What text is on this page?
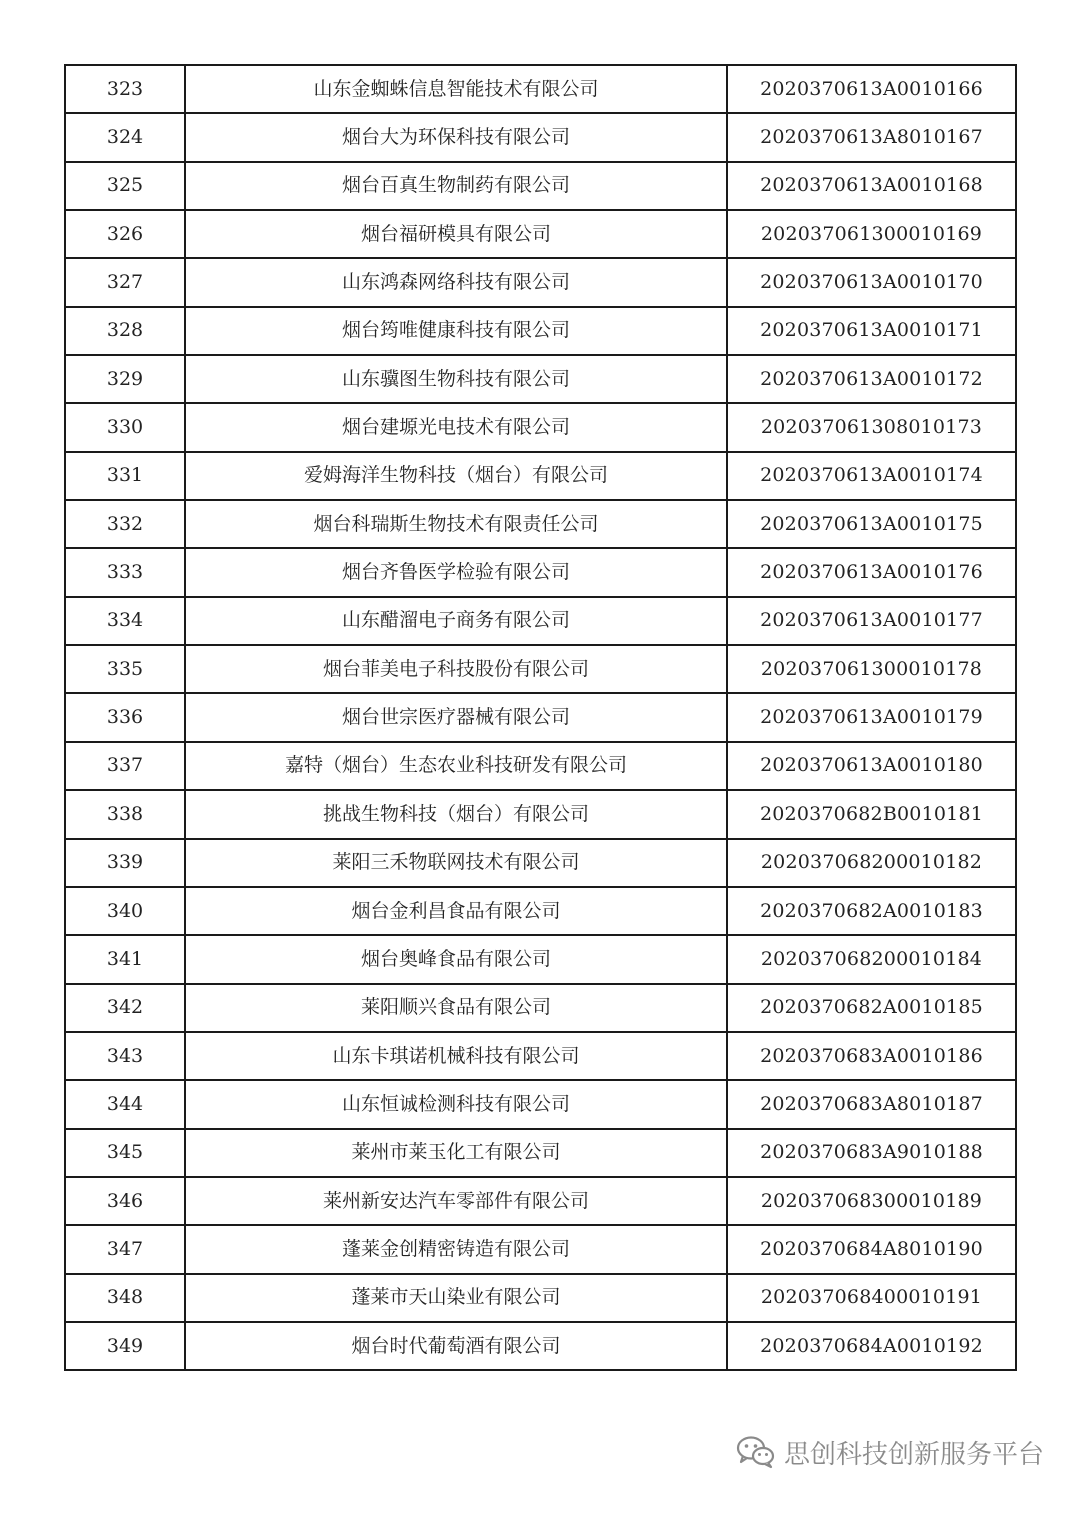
323	山东金蜘蛛信息智能技术有限公司	2020370613A0010166
324	烟台大为环保科技有限公司	2020370613A8010167
325	烟台百真生物制药有限公司	2020370613A0010168
326	烟台福研模具有限公司	202037061300010169
327	山东鸿森网络科技有限公司	2020370613A0010170
328	烟台筠唯健康科技有限公司	2020370613A0010171
329	山东骥图生物科技有限公司	2020370613A0010172
330	烟台建塬光电技术有限公司	202037061308010173
331	爱姆海洋生物科技（烟台）有限公司	2020370613A0010174
332	烟台科瑞斯生物技术有限责任公司	2020370613A0010175
333	烟台齐鲁医学检验有限公司	2020370613A0010176
334	山东醋溜电子商务有限公司	2020370613A0010177
335	烟台菲美电子科技股份有限公司	202037061300010178
336	烟台世宗医疗器械有限公司	2020370613A0010179
337	嘉特（烟台）生态农业科技研发有限公司	2020370613A0010180
338	挑战生物科技（烟台）有限公司	2020370682B0010181
339	莱阳三禾物联网技术有限公司	202037068200010182
340	烟台金利昌食品有限公司	2020370682A0010183
341	烟台奥峰食品有限公司	202037068200010184
342	莱阳顺兴食品有限公司	2020370682A0010185
343	山东卡琪诺机械科技有限公司	2020370683A0010186
344	山东恒诚检测科技有限公司	2020370683A8010187
345	莱州市莱玉化工有限公司	2020370683A9010188
346	莱州新安达汽车零部件有限公司	202037068300010189
347	蓬莱金创精密铸造有限公司	2020370684A8010190
348	蓬莱市天山染业有限公司	202037068400010191
349	烟台时代葡萄酒有限公司	2020370684A0010192
思创科技创新服务平台
